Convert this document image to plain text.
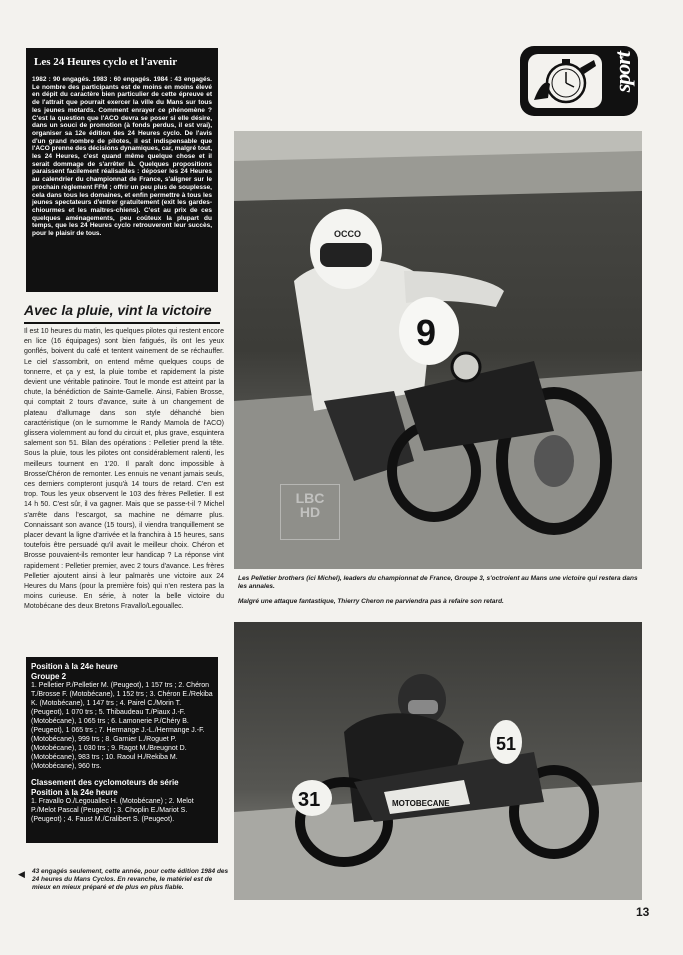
Les 24 Heures cyclo et l'avenir
1982 : 90 engagés. 1983 : 60 engagés. 1984 : 43 engagés. Le nombre des participants est de moins en moins élevé en dépit du caractère bien particulier de cette épreuve et de l'attrait que pourrait exercer la ville du Mans sur tous les jeunes motards. Comment enrayer ce phénomène ? C'est la question que l'ACO devra se poser si elle désire, dans un souci de promotion (à fonds perdus, il est vrai), organiser sa 12e édition des 24 Heures cyclo. De l'avis d'un grand nombre de pilotes, il est indispensable que l'ACO prenne des décisions dynamiques, car, malgré tout, les 24 Heures, c'est quand même quelque chose et il serait dommage de s'arrêter là. Quelques propositions paraissent facilement réalisables : déposer les 24 Heures au calendrier du championnat de France, s'aligner sur le prochain règlement FFM ; offrir un peu plus de souplesse, cela dans tous les domaines, et enfin permettre à tous les jeunes spectateurs d'entrer gratuitement (exit les gardes-chiourmes et les maîtres-chiens). C'est au prix de ces quelques aménagements, peu coûteux la plupart du temps, que les 24 Heures cyclo retrouveront leur succès, pour le plaisir de tous.
sport
Avec la pluie, vint la victoire
Il est 10 heures du matin, les quelques pilotes qui restent encore en lice (16 équipages) sont bien fatigués, ils ont les yeux gonflés, boivent du café et tentent vainement de se réchauffer. Le ciel s'assombrit, on entend même quelques coups de tonnerre, et ça y est, la pluie tombe et rapidement la piste devient une véritable patinoire. Tout le monde est atteint par la chute, la bénédiction de Sainte-Gamelle. Ainsi, Fabien Brosse, qui comptait 2 tours d'avance, suite à un changement de plateau d'allumage dans son style déhanché bien caractéristique (on le surnomme le Randy Mamola de l'ACO) glissera violemment au fond du circuit et, plus grave, esquintera salement son 51. Bilan des opérations : Pelletier prend la tête. Sous la pluie, tous les pilotes ont considérablement ralenti, les meilleurs tournent en 1'20. Il paraît donc impossible à Brosse/Chéron de remonter. Les ennuis ne venant jamais seuls, ces derniers compteront jusqu'à 14 tours de retard. C'en est trop. Tous les yeux observent le 103 des frères Pelletier. Il est 14 h 50. C'est sûr, il va gagner. Mais que se passe-t-il ? Michel s'arrête dans l'escargot, sa machine ne démarre plus. Connaissant son avance (15 tours), il viendra tranquillement se placer devant la ligne d'arrivée et la franchira à 15 heures, sans toutefois être persuadé qu'il avait le meilleur choix. Chéron et Brosse pouvaient-ils remonter leur handicap ? La réponse vint rapidement : Pelletier premier, avec 2 tours d'avance. Les frères Pelletier ajoutent ainsi à leur palmarès une victoire aux 24 Heures du Mans (pour la première fois) qui n'en restera pas la moins curieuse. En série, à noter la belle victoire du Motobécane des deux Bretons Fravallo/Legouallec.
Position à la 24e heure
Groupe 2
1. Pelletier P./Pelletier M. (Peugeot), 1 157 trs ; 2. Chéron T./Brosse F. (Motobécane), 1 152 trs ; 3. Chéron E./Rekiba K. (Motobécane), 1 147 trs ; 4. Pairel C./Morin T. (Peugeot), 1 070 trs ; 5. Thibaudeau T./Piaux J.-F. (Motobécane), 1 065 trs ; 6. Lamonerie P./Chéry B. (Peugeot), 1 065 trs ; 7. Hermange J.-L./Hermange J.-F. (Motobécane), 999 trs ; 8. Garnier L./Roguet P. (Motobécane), 1 030 trs ; 9. Ragot M./Breugnot D. (Motobécane), 983 trs ; 10. Raoul H./Rekiba M. (Motobécane), 960 trs.
Classement des cyclomoteurs de série
Position à la 24e heure
1. Fravallo O./Legouallec H. (Motobécane) ; 2. Melot P./Melot Pascal (Peugeot) ; 3. Choplin E./Mariot S. (Peugeot) ; 4. Faust M./Cralibert S. (Peugeot).
OCCO
9
LBC
HD
Les Pelletier brothers (ici Michel), leaders du championnat de France, Groupe 3, s'octroient au Mans une victoire qui restera dans les annales.
Malgré une attaque fantastique, Thierry Cheron ne parviendra pas à refaire son retard.
MOTOBECANE
51
31
◀ 43 engagés seulement, cette année, pour cette édition 1984 des 24 heures du Mans Cyclos. En revanche, le matériel est de mieux en mieux préparé et de plus en plus fiable.
13
